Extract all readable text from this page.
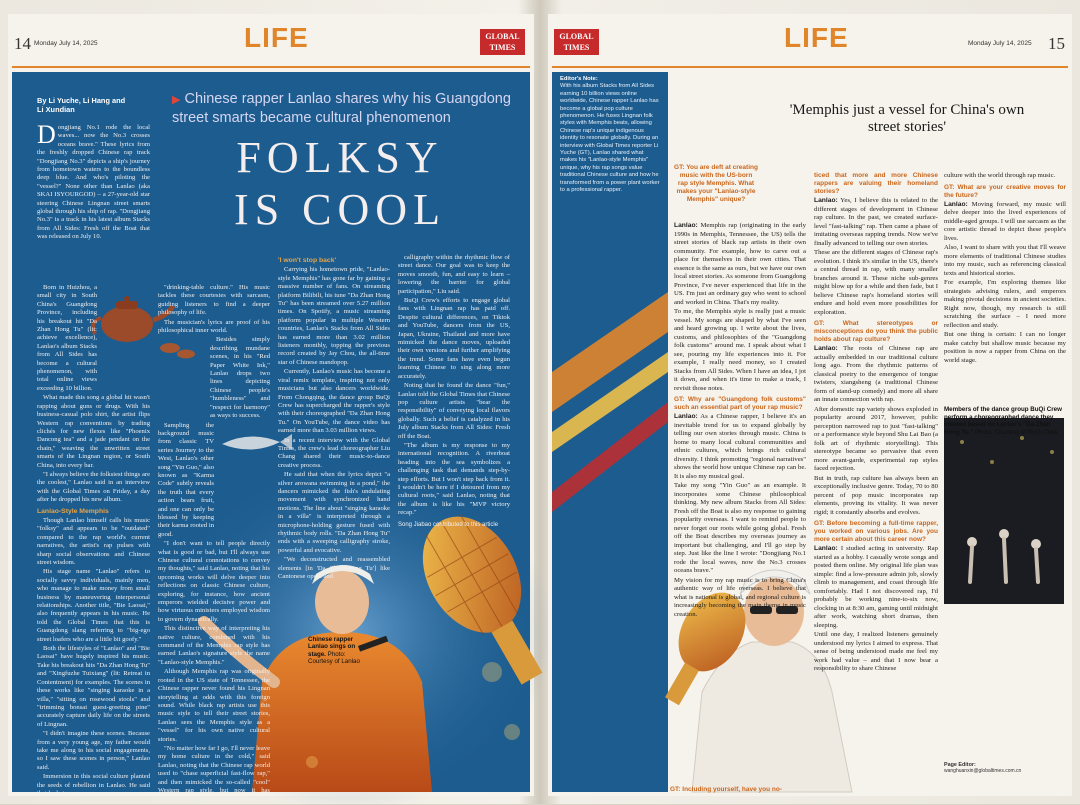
14 Monday July 14, 2025	LIFE	GLOBAL TIMES
By Li Yuche, Li Hang and
Li Xundian
▶ Chinese rapper Lanlao shares why his Guangdong street smarts became cultural phenomenon
FOLKSY
IS COOL
Dongjiang No.1 rode the local waves... now the No.3 crosses oceans brave." These lyrics from the freshly dropped Chinese rap track "Dongjiang No.3" depicts a ship's journey from hometown waters to the boundless deep blue. And who's piloting the "vessel?" None other than Lanlao (aka SKAI ISYOURGOD) – a 27-year-old star steering Chinese Lingnan street smarts global through his ship of rap. "Dongjiang No.3" is a track in his latest album Stacks from All Sides: Fresh off the Boat that was released on July 10.

Born in Huizhou, a small city in South China's Guangdong Province, including his breakout hit "Da Zhan Hong Tu" (lit: achieve excellence), Lanlao's album Stacks from All Sides has become a cultural phenomenon, with total online views exceeding 10 billion.

What made this song a global hit wasn't rapping about guns or drugs. With his business-casual polo shirt, the artist flips Western rap conventions by trading clichés for new flexes like "Phoenix Dancong tea" and a jade pendant on the chain," weaving the unwritten street smarts of the Lingnan region, or South China, into every bar.

"I always believe the folksiest things are the coolest," Lanlao said in an interview with the Global Times on Friday, a day after he dropped his new album.

Lanlao-Style Memphis

Though Lanlao himself calls his music "folksy" and appears to be "outdated" compared to the rap world's current narratives, the artist's rap pulses with sharp social observations and Chinese street wisdom.

His stage name "Lanlao" refers to socially savvy individuals, mainly men, who manage to make money from small business by maneuvering interpersonal relationships. Another title, "Bie Laosai," also frequently appears in his music. He told the Global Times that this is Guangdong slang referring to "big-ego street loafers who are a little bit goofy."

Both the lifestyles of "Lanlao" and "Bie Laosai" have hugely inspired his music. Take his breakout hits "Da Zhan Hong Tu" and "Xingfuzhe Tuixiang" (lit: Retreat in Contentment) for examples. The scenes in these works like "singing karaoke in a villa," "sitting on rosewood stools" and "trimming bonsai guest-greeting pine" accurately capture daily life on the streets of Lingnan.

"I didn't imagine these scenes. Because from a very young age, my father would take me along to his social engagements, so I saw these scenes in person," Lanlao said.

Immersion in this social culture planted the seeds of rebellion in Lanlao. He said that he hates

"drinking-table culture." His music tackles these courtesies with sarcasm, guiding listeners to find a deeper philosophy of life.

The musician's lyrics are proof of his philosophical inner world.

Besides simply describing mundane scenes, in his "Red Paper White Ink," Lanlao drops two lines depicting Chinese people's "humbleness" and "respect for harmony" as ways to success.

Sampling the background music from classic TV series Journey to the West, Lanlao's other song "Yin Guo," also known as "Karma Code" subtly reveals the truth that every action bears fruit, and one can only be blessed by keeping their karma rooted in good.

"I don't want to tell people directly what is good or bad, but I'll always use Chinese cultural connotations to convey my thoughts," said Lanlao, noting that his upcoming works will delve deeper into reflections on classic Chinese culture, exploring, for instance, how ancient emperors wielded decisive power and how virtuous ministers employed wisdom to govern dynamically.

This distinctive way of interpreting his native culture, combined with his command of the Memphis rap style has earned Lanlao's signature style the name "Lanlao-style Memphis."

Although Memphis rap was originally rooted in the US state of Tennessee, the Chinese rapper never found his Lingnan storytelling at odds with this foreign sound. While black rap artists use this music style to tell their street stories, Lanlao sees the Memphis style as a "vessel" for his own native cultural stories.

"No matter how far I go, I'll never leave my home culture in the cold," said Lanlao, noting that the Chinese rap world used to "chase superficial fast-flow rap," and then mimicked the so-called "cool" Western rap style, but now it has "discovered its own regional coolness."

'I won't stop back'

Carrying his hometown pride, "Lanlao-style Memphis" has gone far by gaining a massive number of fans. On streaming platform Bilibili, his tune "Da Zhan Hong Tu" has been streamed over 5.27 million times. On Spotify, a music streaming platform popular in multiple Western countries, Lanlao's Stacks from All Sides has earned more than 3.02 million listeners monthly, topping the previous record created by Jay Chou, the all-time star of Chinese mandopop.

Currently, Lanlao's music has become a viral remix template, inspiring not only musicians but also dancers worldwide. From Chongqing, the dance group BuQi Crew has supercharged the rapper's style with their choreographed "Da Zhan Hong Tu." On YouTube, the dance video has earned more than 3.03 million views.

In a recent interview with the Global Times, the crew's lead choreographer Liu Chang shared their music-to-dance creative process.

He said that when the lyrics depict "a silver arowana swimming in a pond," the dancers mimicked the fish's undulating movement with synchronized hand motions. The line about "singing karaoke in a villa" is interpreted through a microphone-holding gesture fused with rhythmic body rolls. "Da Zhan Hong Tu" ends with a sweeping calligraphy stroke, powerful and evocative.

"We deconstructed and reassembled elements [in 'Da Zhan Hong Tu'] like Cantonese opera and

calligraphy within the rhythmic flow of street dance. Our goal was to keep the moves smooth, fun, and easy to learn – lowering the barrier for global participation," Liu said.

BuQi Crew's efforts to engage global fans with Lingnan rap has paid off. Despite cultural differences, on Tiktok and YouTube, dancers from the US, Japan, Ukraine, Thailand and more have mimicked the dance moves, uploaded their own versions and further amplifying the trend. Some fans have even begun learning Chinese to sing along more accurately.

Noting that he found the dance "fun," Lanlao told the Global Times that Chinese pop culture artists "bear the responsibility" of conveying local flavors globally. Such a belief is catalyzed in his July album Stacks from All Sides: Fresh off the Boat.

"The album is my response to my international recognition. A riverboat heading into the sea symbolizes a challenging task that demands step-by-step efforts. But I won't step back from it. I wouldn't be here if I detoured from my cultural roots," said Lanlao, noting that the album is like his "MVP victory recap."

Song Jiabao contributed to this article

Chinese rapper Lanlao sings on stage. Photo: Courtesy of Lanlao
GLOBAL TIMES	LIFE	Monday July 14, 2025 15
Editor's Note:
With his album Stacks from All Sides earning 10 billion views online worldwide, Chinese rapper Lanlao has become a global pop culture phenomenon. He fuses Lingnan folk styles with Memphis beats, allowing Chinese rap's unique indigenous identity to resonate globally. During an interview with Global Times reporter Li Yuche (GT), Lanlao shared what makes his "Lanlao-style Memphis" unique, why his rap songs value traditional Chinese culture and how he transformed from a power plant worker to a professional rapper.
'Memphis just a vessel for China's own street stories'
GT: You are deft at creating music with the US-born rap style Memphis. What makes your "Lanlao-style Memphis" unique?

Lanlao: Memphis rap (originating in the early 1990s in Memphis, Tennessee, the US) tells the street stories of black rap artists in their own community. For example, how to carve out a place for themselves in their own cities. That essence is the same as ours, but we have our own local street stories. As someone from Guangdong Province, I've never experienced that life in the US. I'm just an ordinary guy who went to school and worked in China. That's my reality.

To me, the Memphis style is really just a music vessel. My songs are shaped by what I've seen and heard growing up. I write about the lives, customs, and philosophies of the "Guangdong folk customs" around me. I speak about what I see, pouring my life experiences into it. For example, I really need money, so I created Stacks from All Sides. When I have an idea, I jot it down, and when it's time to make a track, I revisit those notes.

GT: Why are "Guangdong folk customs" such an essential part of your rap music?

Lanlao: As a Chinese rapper, I believe it's an inevitable trend for us to expand globally by telling our own stories through music. China is home to many local cultural communities and ethnic cultures, which brings rich cultural diversity. I think promoting "regional narratives" shows the world how unique Chinese rap can be. It is also my musical goal.

Take my song "Yin Guo" as an example. It incorporates some Chinese philosophical thinking. My new album Stacks from All Sides: Fresh off the Boat is also my response to gaining popularity overseas. I want to remind people to never forget our roots while going global. Fresh off the Boat describes my overseas journey as important but challenging, and I'll go step by step. Just like the line I wrote: "Dongjiang No.1 rode the local waves, now the No.3 crosses oceans brave."

My vision for my rap music is to bring China's authentic way of life overseas. I believe that what is national is global, and regional culture is increasingly becoming the main theme in music creation.

GT: Including yourself, have you no-

ticed that more and more Chinese rappers are valuing their homeland stories?

Lanlao: Yes, I believe this is related to the different stages of development in Chinese rap culture. In the past, we created surface-level "fast-talking" rap. Then came a phase of imitating overseas rapping trends. Now we've finally advanced to telling our own stories.

These are the different stages of Chinese rap's evolution. I think it's similar in the US, there's a central thread in rap, with many smaller branches around it. These niche sub-genres might blow up for a while and then fade, but I believe Chinese rap's homeland stories will endure and hold even more possibilities for exploration.

GT: What stereotypes or misconceptions do you think the public holds about rap culture?

Lanlao: The roots of Chinese rap are actually embedded in our traditional culture long ago. From the rhythmic patterns of classical poetry to the emergence of tongue twisters, xiangsheng (a traditional Chinese form of stand-up comedy) and more all share an innate connection with rap.

After domestic rap variety shows exploded in popularity around 2017, however, public perception narrowed rap to just "fast-talking" or a performance style beyond Shu Lai Bao (a folk art of rhythmic storytelling). This stereotype became so pervasive that even more avant-garde, experimental rap styles faced rejection.

But in truth, rap culture has always been an exceptionally inclusive genre. Today, 70 to 80 percent of pop music incorporates rap elements, proving its vitality. It was never rigid; it constantly absorbs and evolves.

GT: Before becoming a full-time rapper, you worked on various jobs. Are you more certain about this career now?

Lanlao: I studied acting in university. Rap started as a hobby. I casually wrote songs and posted them online. My original life plan was simple: find a low-pressure admin job, slowly climb to management, and coast through life comfortably. Had I not discovered rap, I'd probably be working nine-to-six now, clocking in at 8:30 am, gaming until midnight after work, watching short dramas, then sleeping.

Until one day, I realized listeners genuinely understood my lyrics I aimed to express. That sense of being understood made me feel my work had value – and that I now bear a responsibility to share Chinese

culture with the world through rap music.

GT: What are your creative moves for the future?

Lanlao: Moving forward, my music will delve deeper into the lived experiences of middle-aged groups. I will use sarcasm as the core artistic thread to depict these people's lives.

Also, I want to share with you that I'll weave more elements of traditional Chinese studies into my music, such as referencing classical texts and historical stories.

For example, I'm exploring themes like strategists advising rulers, and emperors making pivotal decisions in ancient societies. Right now, though, my research is still scratching the surface – I need more reflection and study.

But one thing is certain: I can no longer make catchy but shallow music because my position is now a rapper from China on the world stage.

Members of the dance group BuQi Crew perform a choreographed dance they created based on Lanlao's "Da Zhan Hong Tu." Photo: Courtesy of BuQi Crew
Page Editor:
wanghuanxin@globaltimes.com.cn
